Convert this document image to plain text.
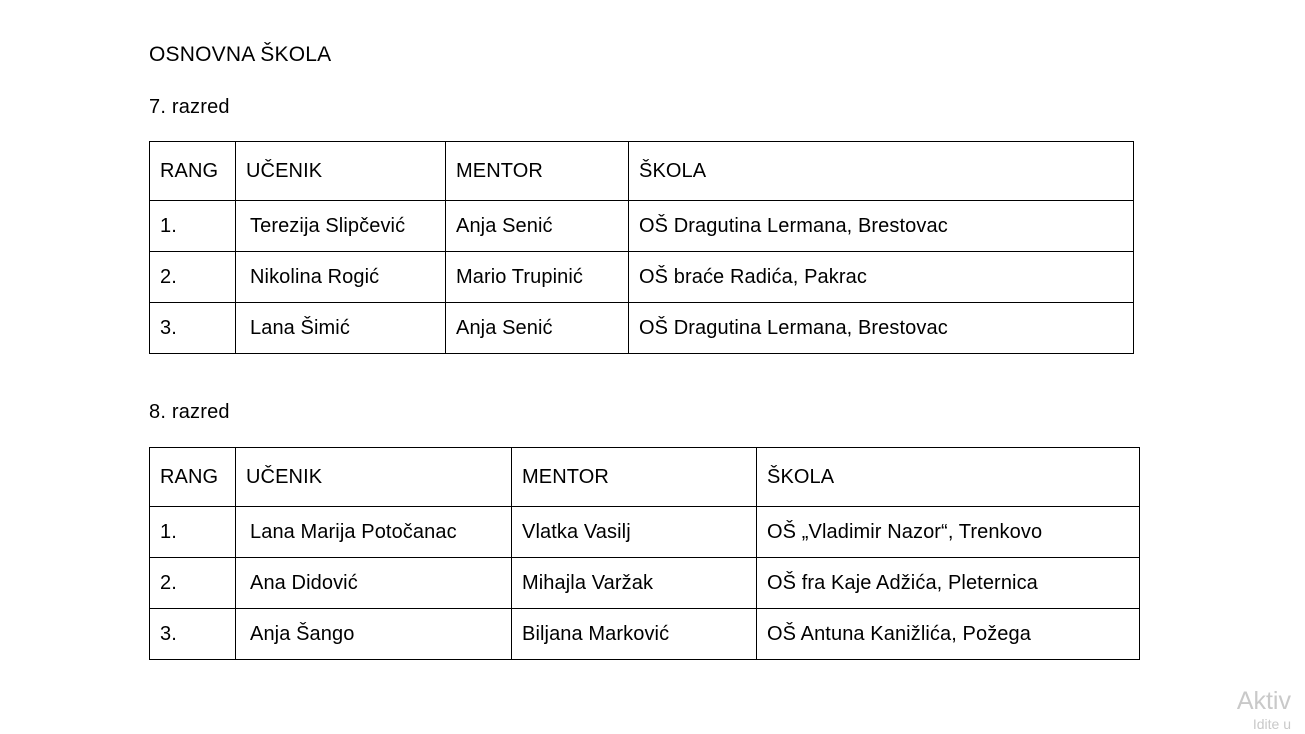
OSNOVNA ŠKOLA
7. razred
RANG	UČENIK	MENTOR	ŠKOLA
1.	Terezija Slipčević	Anja Senić	OŠ Dragutina Lermana, Brestovac
2.	Nikolina Rogić	Mario Trupinić	OŠ braće Radića, Pakrac
3.	Lana Šimić	Anja Senić	OŠ Dragutina Lermana, Brestovac
8. razred
RANG	UČENIK	MENTOR	ŠKOLA
1.	Lana Marija Potočanac	Vlatka Vasilj	OŠ „Vladimir Nazor“, Trenkovo
2.	Ana Didović	Mihajla Varžak	OŠ fra Kaje Adžića, Pleternica
3.	Anja Šango	Biljana Marković	OŠ Antuna Kanižlića, Požega
Aktiv
Idite u
